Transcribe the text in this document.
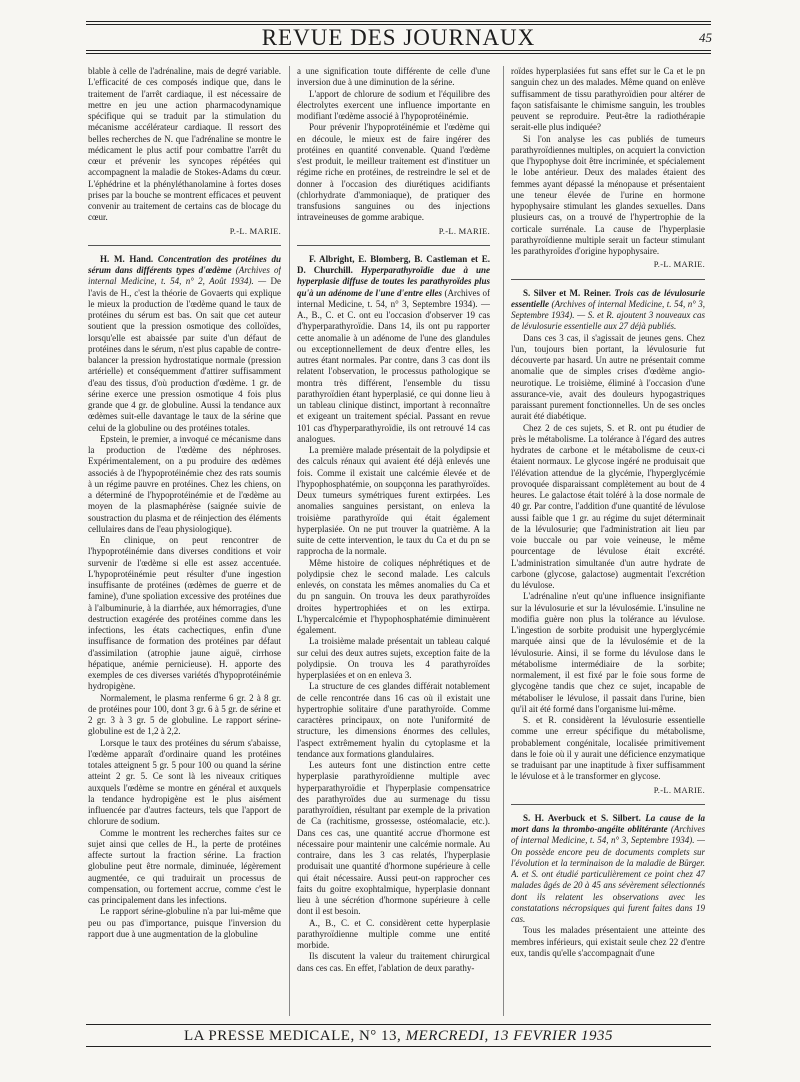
REVUE DES JOURNAUX	45

blable à celle de l'adrénaline, mais de degré variable. L'efficacité de ces composés indique que, dans le traitement de l'arrêt cardiaque, il est nécessaire de mettre en jeu une action pharmacodynamique spécifique qui se traduit par la stimulation du mécanisme accélérateur cardiaque. Il ressort des belles recherches de N. que l'adrénaline se montre le médicament le plus actif pour combattre l'arrêt du cœur et prévenir les syncopes répétées qui accompagnent la maladie de Stokes-Adams du cœur. L'éphédrine et la phényléthanolamine à fortes doses prises par la bouche se montrent efficaces et peuvent convenir au traitement de certains cas de blocage du cœur.

P.-L. MARIE.

H. M. Hand. Concentration des protéines du sérum dans différents types d'œdème (Archives of internal Medicine, t. 54, n° 2, Août 1934). — De l'avis de H., c'est la théorie de Govaerts qui explique le mieux la production de l'œdème quand le taux de protéines du sérum est bas. On sait que cet auteur soutient que la pression osmotique des colloïdes, lorsqu'elle est abaissée par suite d'un défaut de protéines dans le sérum, n'est plus capable de contre-balancer la pression hydrostatique normale (pression artérielle) et conséquemment d'attirer suffisamment d'eau des tissus, d'où production d'œdème. 1 gr. de sérine exerce une pression osmotique 4 fois plus grande que 4 gr. de globuline. Aussi la tendance aux œdèmes suit-elle davantage le taux de la sérine que celui de la globuline ou des protéines totales.

Epstein, le premier, a invoqué ce mécanisme dans la production de l'œdème des néphroses. Expérimentalement, on a pu produire des œdèmes associés à de l'hypoprotéinémie chez des rats soumis à un régime pauvre en protéines. Chez les chiens, on a déterminé de l'hypoprotéinémie et de l'œdème au moyen de la plasmaphérèse (saignée suivie de soustraction du plasma et de réinjection des éléments cellulaires dans de l'eau physiologique).

En clinique, on peut rencontrer de l'hypoprotéinémie dans diverses conditions et voir survenir de l'œdème si elle est assez accentuée. L'hypoprotéinémie peut résulter d'une ingestion insuffisante de protéines (œdèmes de guerre et de famine), d'une spoliation excessive des protéines due à l'albuminurie, à la diarrhée, aux hémorragies, d'une destruction exagérée des protéines comme dans les infections, les états cachectiques, enfin d'une insuffisance de formation des protéines par défaut d'assimilation (atrophie jaune aiguë, cirrhose hépatique, anémie pernicieuse). H. apporte des exemples de ces diverses variétés d'hypoprotéinémie hydropigène.

Normalement, le plasma renferme 6 gr. 2 à 8 gr. de protéines pour 100, dont 3 gr. 6 à 5 gr. de sérine et 2 gr. 3 à 3 gr. 5 de globuline. Le rapport sérine-globuline est de 1,2 à 2,2.

Lorsque le taux des protéines du sérum s'abaisse, l'œdème apparaît d'ordinaire quand les protéines totales atteignent 5 gr. 5 pour 100 ou quand la sérine atteint 2 gr. 5. Ce sont là les niveaux critiques auxquels l'œdème se montre en général et auxquels la tendance hydropigène est le plus aisément influencée par d'autres facteurs, tels que l'apport de chlorure de sodium.

Comme le montrent les recherches faites sur ce sujet ainsi que celles de H., la perte de protéines affecte surtout la fraction sérine. La fraction globuline peut être normale, diminuée, légèrement augmentée, ce qui traduirait un processus de compensation, ou fortement accrue, comme c'est le cas principalement dans les infections.

Le rapport sérine-globuline n'a par lui-même que peu ou pas d'importance, puisque l'inversion du rapport due à une augmentation de la globuline

a une signification toute différente de celle d'une inversion due à une diminution de la sérine.

L'apport de chlorure de sodium et l'équilibre des électrolytes exercent une influence importante en modifiant l'œdème associé à l'hypoprotéinémie.

Pour prévenir l'hypoprotéinémie et l'œdème qui en découle, le mieux est de faire ingérer des protéines en quantité convenable. Quand l'œdème s'est produit, le meilleur traitement est d'instituer un régime riche en protéines, de restreindre le sel et de donner à l'occasion des diurétiques acidifiants (chlorhydrate d'ammoniaque), de pratiquer des transfusions sanguines ou des injections intraveineuses de gomme arabique.

P.-L. MARIE.

F. Albright, E. Blomberg, B. Castleman et E. D. Churchill. Hyperparathyroïdie due à une hyperplasie diffuse de toutes les parathyroïdes plus qu'à un adénome de l'une d'entre elles (Archives of internal Medicine, t. 54, n° 3, Septembre 1934). — A., B., C. et C. ont eu l'occasion d'observer 19 cas d'hyperparathyroïdie. Dans 14, ils ont pu rapporter cette anomalie à un adénome de l'une des glandules ou exceptionnellement de deux d'entre elles, les autres étant normales. Par contre, dans 3 cas dont ils relatent l'observation, le processus pathologique se montra très différent, l'ensemble du tissu parathyroïdien étant hyperplasié, ce qui donne lieu à un tableau clinique distinct, important à reconnaître et exigeant un traitement spécial. Passant en revue 101 cas d'hyperparathyroïdie, ils ont retrouvé 14 cas analogues.

La première malade présentait de la polydipsie et des calculs rénaux qui avaient été déjà enlevés une fois. Comme il existait une calcémie élevée et de l'hypophosphatémie, on soupçonna les parathyroïdes. Deux tumeurs symétriques furent extirpées. Les anomalies sanguines persistant, on enleva la troisième parathyroïde qui était également hyperplasiée. On ne put trouver la quatrième. A la suite de cette intervention, le taux du Ca et du pn se rapprocha de la normale.

Même histoire de coliques néphrétiques et de polydipsie chez le second malade. Les calculs enlevés, on constata les mêmes anomalies du Ca et du pn sanguin. On trouva les deux parathyroïdes droites hypertrophiées et on les extirpa. L'hypercalcémie et l'hypophosphatémie diminuèrent également.

La troisième malade présentait un tableau calqué sur celui des deux autres sujets, exception faite de la polydipsie. On trouva les 4 parathyroïdes hyperplasiées et on en enleva 3.

La structure de ces glandes différait notablement de celle rencontrée dans 16 cas où il existait une hypertrophie solitaire d'une parathyroïde. Comme caractères principaux, on note l'uniformité de structure, les dimensions énormes des cellules, l'aspect extrêmement hyalin du cytoplasme et la tendance aux formations glandulaires.

Les auteurs font une distinction entre cette hyperplasie parathyroïdienne multiple avec hyperparathyroïdie et l'hyperplasie compensatrice des parathyroïdes due au surmenage du tissu parathyroïdien, résultant par exemple de la privation de Ca (rachitisme, grossesse, ostéomalacie, etc.). Dans ces cas, une quantité accrue d'hormone est nécessaire pour maintenir une calcémie normale. Au contraire, dans les 3 cas relatés, l'hyperplasie produisait une quantité d'hormone supérieure à celle qui était nécessaire. Aussi peut-on rapprocher ces faits du goitre exophtalmique, hyperplasie donnant lieu à une sécrétion d'hormone supérieure à celle dont il est besoin.

A., B., C. et C. considèrent cette hyperplasie parathyroïdienne multiple comme une entité morbide.

Ils discutent la valeur du traitement chirurgical dans ces cas. En effet, l'ablation de deux parathy-

roïdes hyperplasiées fut sans effet sur le Ca et le pn sanguin chez un des malades. Même quand on enlève suffisamment de tissu parathyroïdien pour altérer de façon satisfaisante le chimisme sanguin, les troubles peuvent se reproduire. Peut-être la radiothérapie serait-elle plus indiquée?

Si l'on analyse les cas publiés de tumeurs parathyroïdiennes multiples, on acquiert la conviction que l'hypophyse doit être incriminée, et spécialement le lobe antérieur. Deux des malades étaient des femmes ayant dépassé la ménopause et présentaient une teneur élevée de l'urine en hormone hypophysaire stimulant les glandes sexuelles. Dans plusieurs cas, on a trouvé de l'hypertrophie de la corticale surrénale. La cause de l'hyperplasie parathyroïdienne multiple serait un facteur stimulant les parathyroïdes d'origine hypophysaire.

P.-L. MARIE.

S. Silver et M. Reiner. Trois cas de lévulosurie essentielle (Archives of internal Medicine, t. 54, n° 3, Septembre 1934). — S. et R. ajoutent 3 nouveaux cas de lévulosurie essentielle aux 27 déjà publiés.

Dans ces 3 cas, il s'agissait de jeunes gens. Chez l'un, toujours bien portant, la lévulosurie fut découverte par hasard. Un autre ne présentait comme anomalie que de simples crises d'œdème angio-neurotique. Le troisième, éliminé à l'occasion d'une assurance-vie, avait des douleurs hypogastriques paraissant purement fonctionnelles. Un de ses oncles aurait été diabétique.

Chez 2 de ces sujets, S. et R. ont pu étudier de près le métabolisme. La tolérance à l'égard des autres hydrates de carbone et le métabolisme de ceux-ci étaient normaux. Le glycose ingéré ne produisait que l'élévation attendue de la glycémie, l'hyperglycémie provoquée disparaissant complètement au bout de 4 heures. Le galactose était toléré à la dose normale de 40 gr. Par contre, l'addition d'une quantité de lévulose aussi faible que 1 gr. au régime du sujet déterminait de la lévulosurie; que l'administration ait lieu par voie buccale ou par voie veineuse, le même pourcentage de lévulose était excrété. L'administration simultanée d'un autre hydrate de carbone (glycose, galactose) augmentait l'excrétion du lévulose.

L'adrénaline n'eut qu'une influence insignifiante sur la lévulosurie et sur la lévulosémie. L'insuline ne modifia guère non plus la tolérance au lévulose. L'ingestion de sorbite produisit une hyperglycémie marquée ainsi que de la lévulosémie et de la lévulosurie. Ainsi, il se forme du lévulose dans le métabolisme intermédiaire de la sorbite; normalement, il est fixé par le foie sous forme de glycogène tandis que chez ce sujet, incapable de métaboliser le lévulose, il passait dans l'urine, bien qu'il ait été formé dans l'organisme lui-même.

S. et R. considèrent la lévulosurie essentielle comme une erreur spécifique du métabolisme, probablement congénitale, localisée primitivement dans le foie où il y aurait une déficience enzymatique se traduisant par une inaptitude à fixer suffisamment le lévulose et à le transformer en glycose.

P.-L. MARIE.

S. H. Averbuck et S. Silbert. La cause de la mort dans la thrombo-angéite oblitérante (Archives of internal Medicine, t. 54, n° 3, Septembre 1934). — On possède encore peu de documents complets sur l'évolution et la terminaison de la maladie de Bürger. A. et S. ont étudié particulièrement ce point chez 47 malades âgés de 20 à 45 ans sévèrement sélectionnés dont ils relatent les observations avec les constatations nécropsiques qui furent faites dans 19 cas.

Tous les malades présentaient une atteinte des membres inférieurs, qui existait seule chez 22 d'entre eux, tandis qu'elle s'accompagnait d'une

LA PRESSE MEDICALE, N° 13, MERCREDI, 13 FEVRIER 1935
